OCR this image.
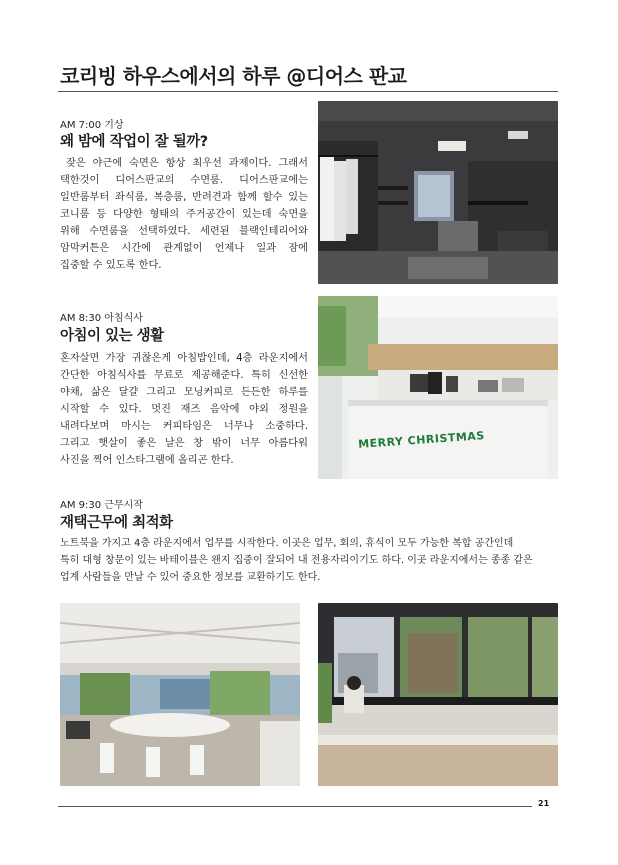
코리빙 하우스에서의 하루 @디어스 판교
AM 7:00 기상
왜 밤에 작업이 잘 될까?
잦은 야근에 숙면은 항상 최우선 과제이다. 그래서
택한것이 디어스판교의 수면룸. 디어스판교에는
일반룸부터 좌식룸, 복층룸, 반려견과 함께 할수 있는
코니룸 등 다양한 형태의 주거공간이 있는데 숙면을
위해 수면룸을 선택하였다. 세련된 블랙인테리어와
암막커튼은 시간에 관계없이 언제나 일과 잠에
집중할 수 있도록 한다.
AM 8:30 아침식사
아침이 있는 생활
혼자살면 가장 귀찮은게 아침밥인데, 4층 라운지에서
간단한 아침식사를 무료로 제공해준다. 특히 신선한
야채, 삶은 달걀 그리고 모닝커피로 든든한 하루를
시작할 수 있다. 멋진 재즈 음악에 야외 정원을
내려다보며 마시는 커피타임은 너무나 소중하다.
그리고 햇살이 좋은 날은 창 밖이 너무 아름다워
사진을 찍어 인스타그램에 올리곤 한다.
MERRY CHRISTMAS
AM 9:30 근무시작
재택근무에 최적화
노트북을 가지고 4층 라운지에서 업무를 시작한다. 이곳은 업무, 회의, 휴식이 모두 가능한 복합 공간인데
특히 대형 창문이 있는 바테이블은 왠지 집중이 잘되어 내 전용자리이기도 하다. 이곳 라운지에서는 종종 같은
업계 사람들을 만날 수 있어 중요한 정보를 교환하기도 한다.
21
